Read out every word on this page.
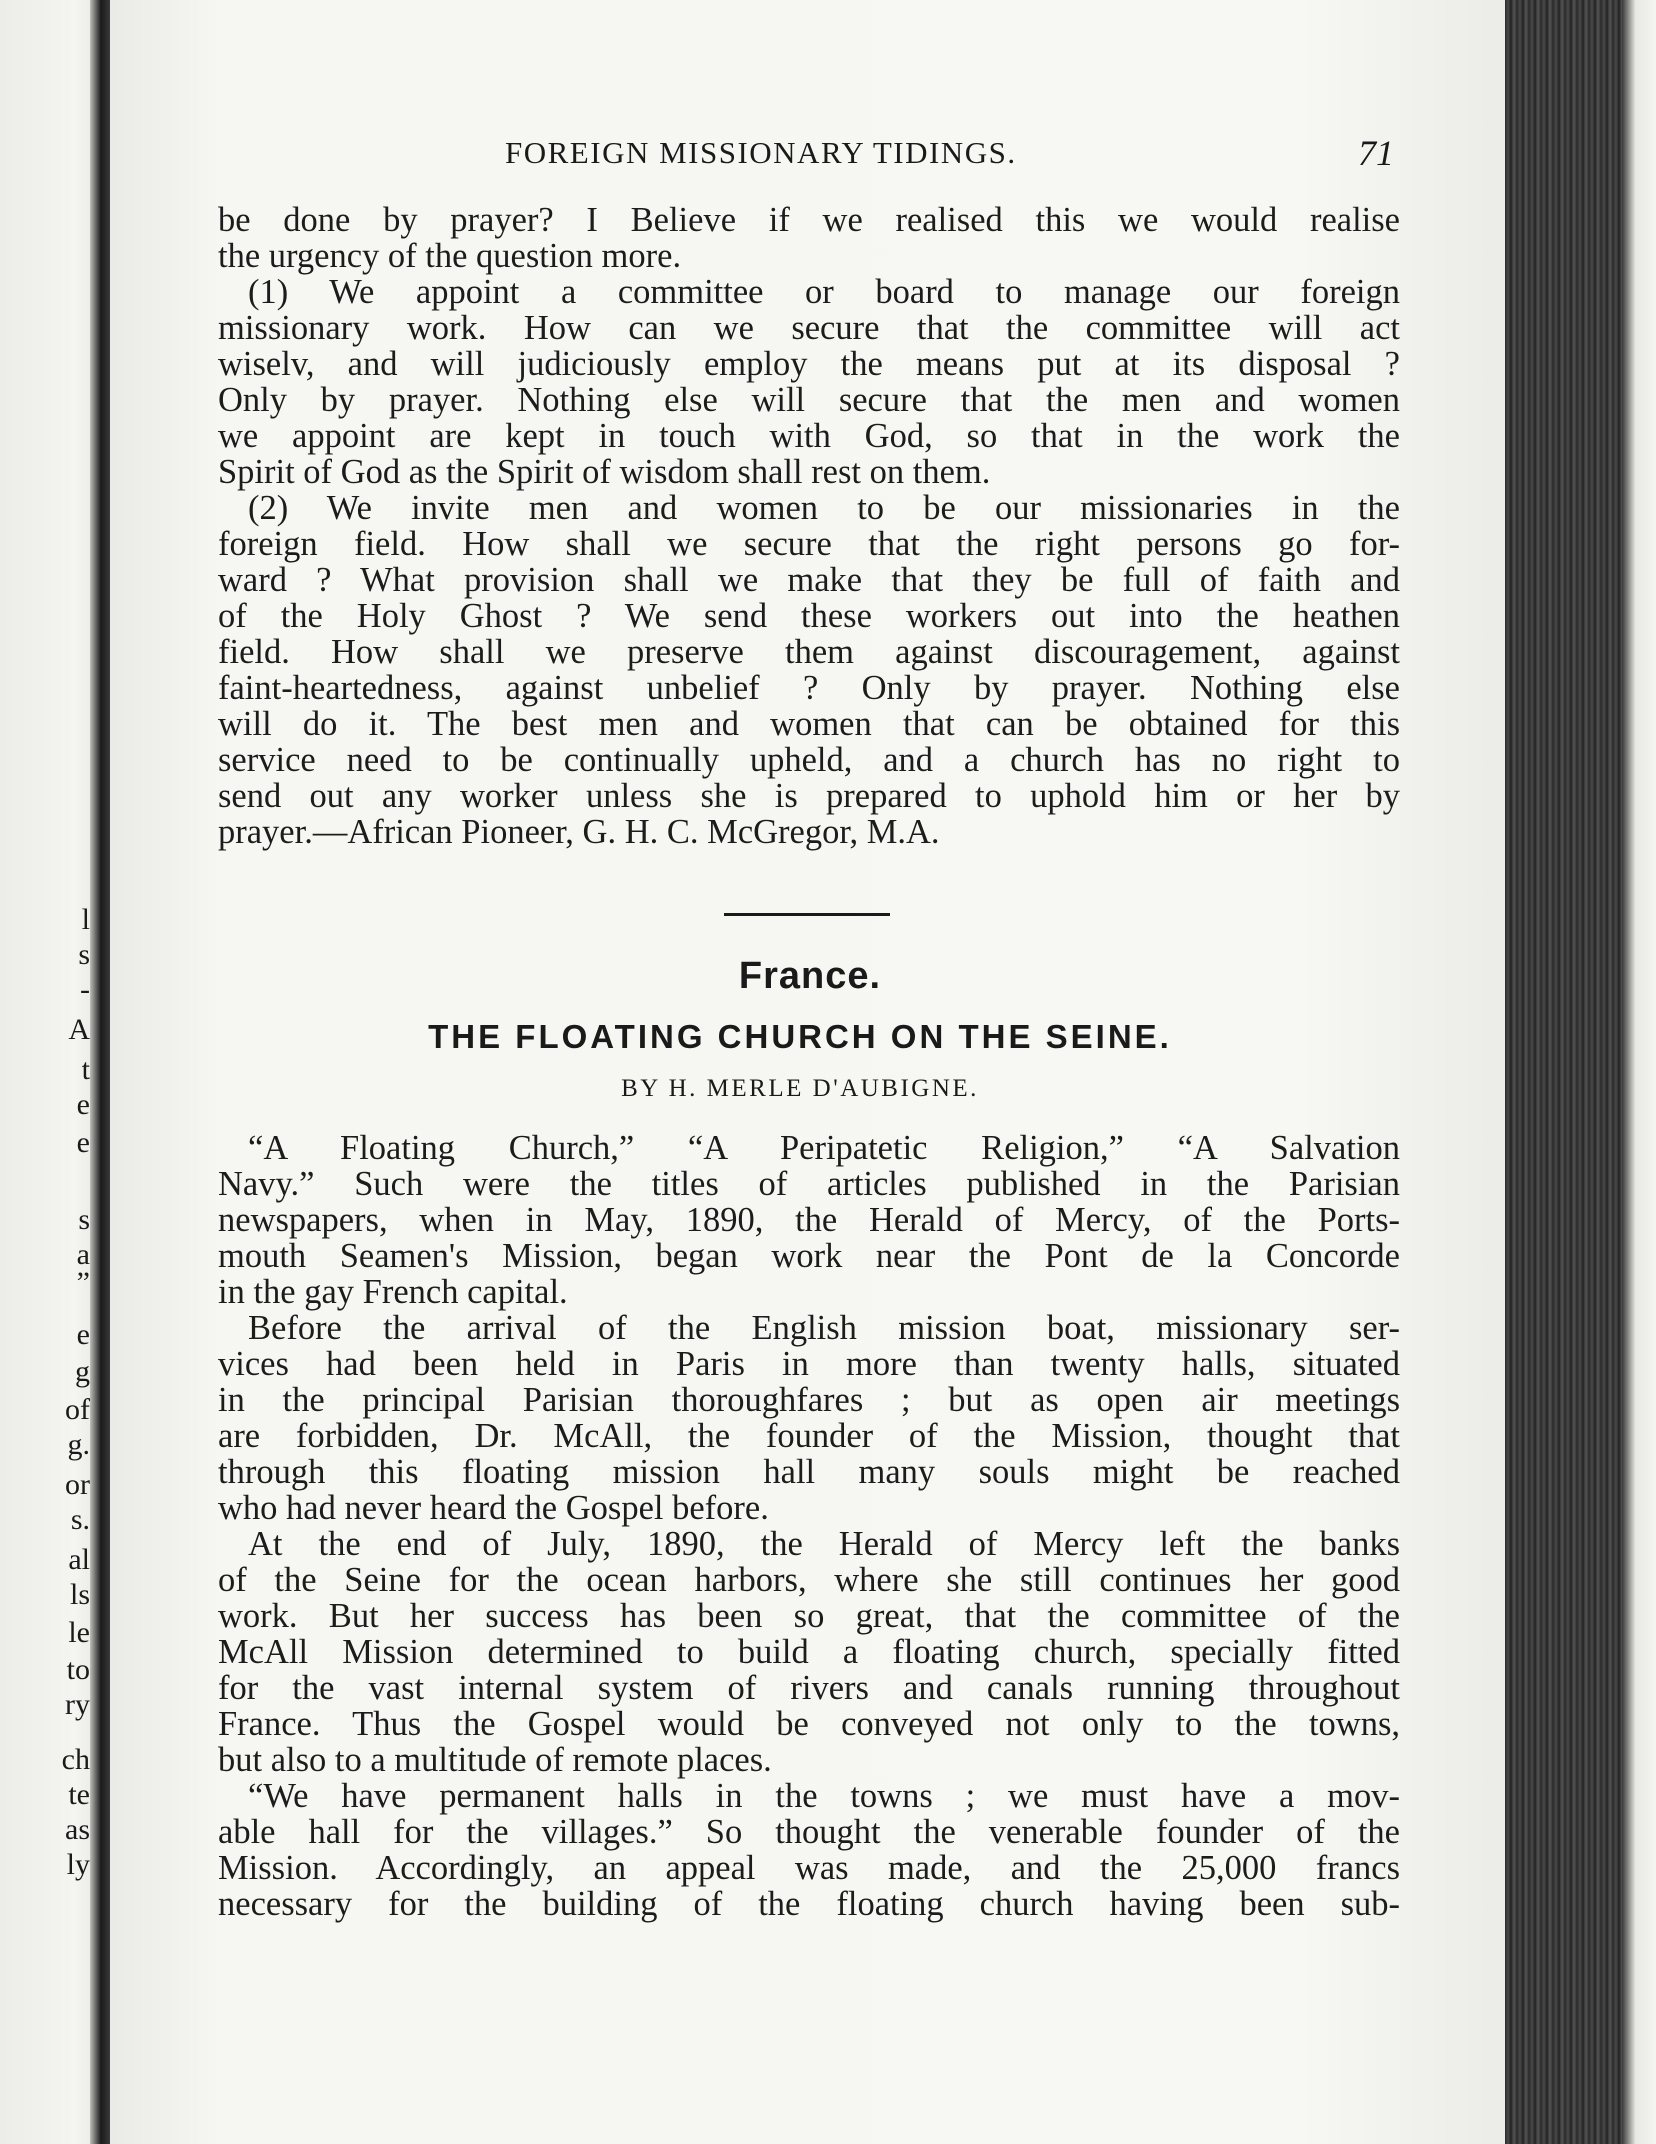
l
s
-
A
t
e
e
s
a
”
e
g
of
g.
or
s.
al
ls
le
to
ry
ch
te
as
ly
FOREIGN MISSIONARY TIDINGS.	71
be done by prayer? I Believe if we realised this we would realise
the urgency of the question more.
(1) We appoint a committee or board to manage our foreign
missionary work. How can we secure that the committee will act
wiselv, and will judiciously employ the means put at its disposal ?
Only by prayer. Nothing else will secure that the men and women
we appoint are kept in touch with God, so that in the work the
Spirit of God as the Spirit of wisdom shall rest on them.
(2) We invite men and women to be our missionaries in the
foreign field. How shall we secure that the right persons go for-
ward ? What provision shall we make that they be full of faith and
of the Holy Ghost ? We send these workers out into the heathen
field. How shall we preserve them against discouragement, against
faint-heartedness, against unbelief ? Only by prayer. Nothing else
will do it. The best men and women that can be obtained for this
service need to be continually upheld, and a church has no right to
send out any worker unless she is prepared to uphold him or her by
prayer.—African Pioneer, G. H. C. McGregor, M.A.
France.
THE FLOATING CHURCH ON THE SEINE.
BY H. MERLE D'AUBIGNE.
“A Floating Church,” “A Peripatetic Religion,” “A Salvation
Navy.” Such were the titles of articles published in the Parisian
newspapers, when in May, 1890, the Herald of Mercy, of the Ports-
mouth Seamen's Mission, began work near the Pont de la Concorde
in the gay French capital.
Before the arrival of the English mission boat, missionary ser-
vices had been held in Paris in more than twenty halls, situated
in the principal Parisian thoroughfares ; but as open air meetings
are forbidden, Dr. McAll, the founder of the Mission, thought that
through this floating mission hall many souls might be reached
who had never heard the Gospel before.
At the end of July, 1890, the Herald of Mercy left the banks
of the Seine for the ocean harbors, where she still continues her good
work. But her success has been so great, that the committee of the
McAll Mission determined to build a floating church, specially fitted
for the vast internal system of rivers and canals running throughout
France. Thus the Gospel would be conveyed not only to the towns,
but also to a multitude of remote places.
“We have permanent halls in the towns ; we must have a mov-
able hall for the villages.” So thought the venerable founder of the
Mission. Accordingly, an appeal was made, and the 25,000 francs
necessary for the building of the floating church having been sub-
